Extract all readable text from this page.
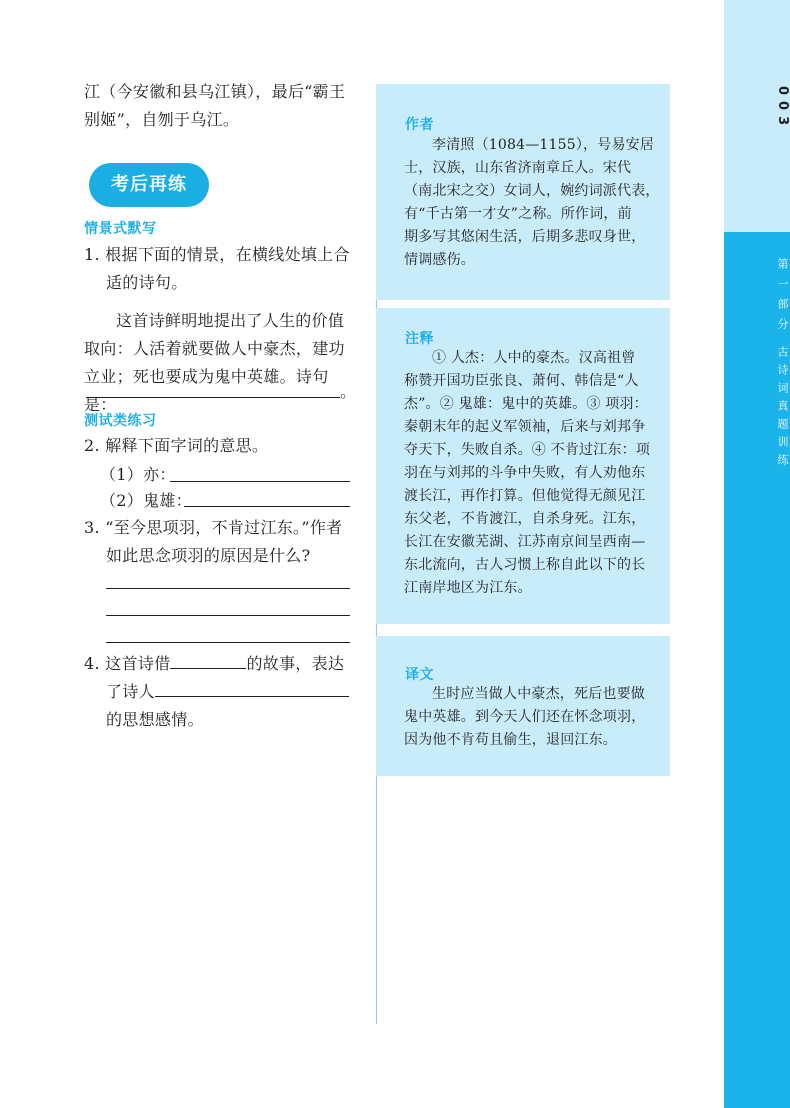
江（今安徽和县乌江镇），最后“霸王
别姬”，自刎于乌江。
考后再练
情景式默写
1. 根据下面的情景，在横线处填上合
适的诗句。
这首诗鲜明地提出了人生的价值
取向：人活着就要做人中豪杰，建功
立业；死也要成为鬼中英雄。诗句是：
。
测试类练习
2. 解释下面字词的意思。
（1）亦：
（2）鬼雄：
3. “至今思项羽，不肯过江东。”作者
如此思念项羽的原因是什么?
4. 这首诗借	的故事，表达
了诗人
的思想感情。
作者
李清照（1084—1155），号易安居
士，汉族，山东省济南章丘人。宋代
（南北宋之交）女词人，婉约词派代表，
有“千古第一才女”之称。所作词，前
期多写其悠闲生活，后期多悲叹身世，
情调感伤。
注释
① 人杰：人中的豪杰。汉高祖曾
称赞开国功臣张良、萧何、韩信是“人
杰”。② 鬼雄：鬼中的英雄。③ 项羽：
秦朝末年的起义军领袖，后来与刘邦争
夺天下，失败自杀。④ 不肯过江东：项
羽在与刘邦的斗争中失败，有人劝他东
渡长江，再作打算。但他觉得无颜见江
东父老，不肯渡江，自杀身死。江东，
长江在安徽芜湖、江苏南京间呈西南—
东北流向，古人习惯上称自此以下的长
江南岸地区为江东。
译文
生时应当做人中豪杰，死后也要做
鬼中英雄。到今天人们还在怀念项羽，
因为他不肯苟且偷生，退回江东。
003
第一部分
古诗词真题训练
